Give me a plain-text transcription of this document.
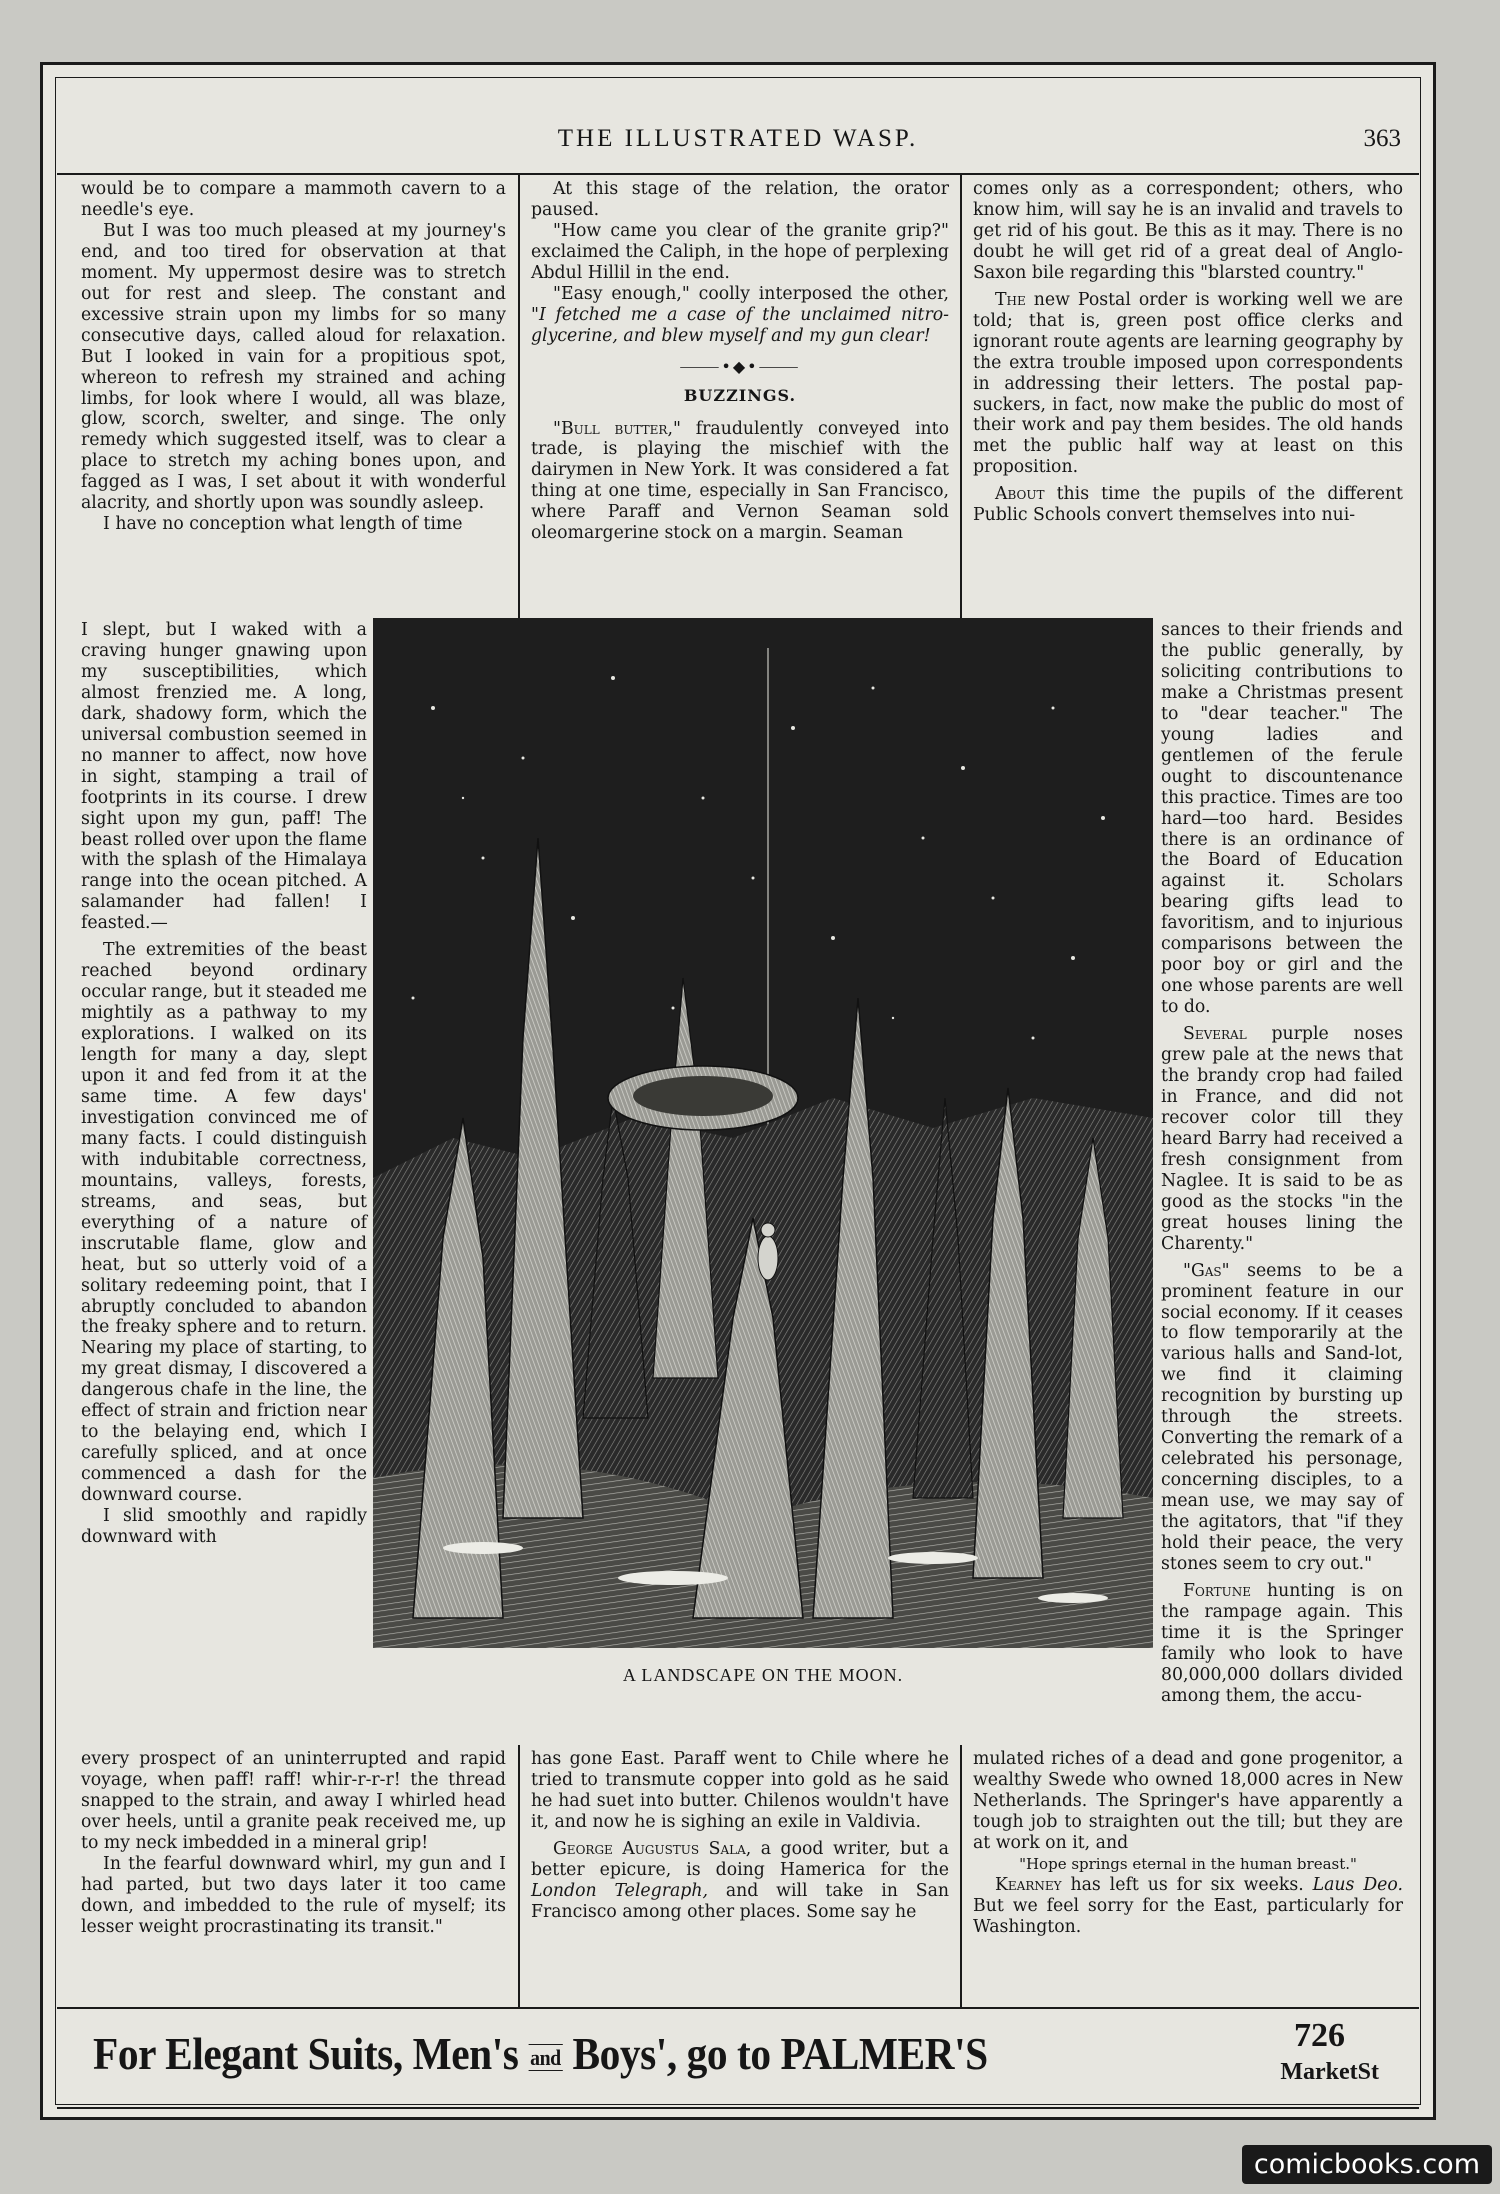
THE ILLUSTRATED WASP.	363

would be to compare a mammoth cavern to a needle's eye.

But I was too much pleased at my journey's end, and too tired for observation at that moment. My uppermost desire was to stretch out for rest and sleep. The constant and excessive strain upon my limbs for so many consecutive days, called aloud for relaxation. But I looked in vain for a propitious spot, whereon to refresh my strained and aching limbs, for look where I would, all was blaze, glow, scorch, swelter, and singe. The only remedy which suggested itself, was to clear a place to stretch my aching bones upon, and fagged as I was, I set about it with wonderful alacrity, and shortly upon was soundly asleep.

I have no conception what length of time

I slept, but I waked with a craving hunger gnawing upon my susceptibilities, which almost frenzied me. A long, dark, shadowy form, which the universal combustion seemed in no manner to affect, now hove in sight, stamping a trail of footprints in its course. I drew sight upon my gun, paff! The beast rolled over upon the flame with the splash of the Himalaya range into the ocean pitched. A salamander had fallen! I feasted.—

The extremities of the beast reached beyond ordinary occular range, but it steaded me mightily as a pathway to my explorations. I walked on its length for many a day, slept upon it and fed from it at the same time. A few days' investigation convinced me of many facts. I could distinguish with indubitable correctness, mountains, valleys, forests, streams, and seas, but everything of a nature of inscrutable flame, glow and heat, but so utterly void of a solitary redeeming point, that I abruptly concluded to abandon the freaky sphere and to return. Nearing my place of starting, to my great dismay, I discovered a dangerous chafe in the line, the effect of strain and friction near to the belaying end, which I carefully spliced, and at once commenced a dash for the downward course.

I slid smoothly and rapidly downward with

every prospect of an uninterrupted and rapid voyage, when paff! raff! whir-r-r-r! the thread snapped to the strain, and away I whirled head over heels, until a granite peak received me, up to my neck imbedded in a mineral grip!

In the fearful downward whirl, my gun and I had parted, but two days later it too came down, and imbedded to the rule of myself; its lesser weight procrastinating its transit."

At this stage of the relation, the orator paused.

"How came you clear of the granite grip?" exclaimed the Caliph, in the hope of perplexing Abdul Hillil in the end.

"Easy enough," coolly interposed the other, "I fetched me a case of the unclaimed nitro-glycerine, and blew myself and my gun clear!

⸻•◆•⸻
BUZZINGS.

"Bull butter," fraudulently conveyed into trade, is playing the mischief with the dairymen in New York. It was considered a fat thing at one time, especially in San Francisco, where Paraff and Vernon Seaman sold oleomargerine stock on a margin. Seaman

has gone East. Paraff went to Chile where he tried to transmute copper into gold as he said he had suet into butter. Chilenos wouldn't have it, and now he is sighing an exile in Valdivia.

George Augustus Sala, a good writer, but a better epicure, is doing Hamerica for the London Telegraph, and will take in San Francisco among other places. Some say he

comes only as a correspondent; others, who know him, will say he is an invalid and travels to get rid of his gout. Be this as it may. There is no doubt he will get rid of a great deal of Anglo-Saxon bile regarding this "blarsted country."

The new Postal order is working well we are told; that is, green post office clerks and ignorant route agents are learning geography by the extra trouble imposed upon correspondents in addressing their letters. The postal pap-suckers, in fact, now make the public do most of their work and pay them besides. The old hands met the public half way at least on this proposition.

About this time the pupils of the different Public Schools convert themselves into nui-

sances to their friends and the public generally, by soliciting contributions to make a Christmas present to "dear teacher." The young ladies and gentlemen of the ferule ought to discountenance this practice. Times are too hard—too hard. Besides there is an ordinance of the Board of Education against it. Scholars bearing gifts lead to favoritism, and to injurious comparisons between the poor boy or girl and the one whose parents are well to do.

Several purple noses grew pale at the news that the brandy crop had failed in France, and did not recover color till they heard Barry had received a fresh consignment from Naglee. It is said to be as good as the stocks "in the great houses lining the Charenty."

"Gas" seems to be a prominent feature in our social economy. If it ceases to flow temporarily at the various halls and Sand-lot, we find it claiming recognition by bursting up through the streets. Converting the remark of a celebrated his personage, concerning disciples, to a mean use, we may say of the agitators, that "if they hold their peace, the very stones seem to cry out."

Fortune hunting is on the rampage again. This time it is the Springer family who look to have 80,000,000 dollars divided among them, the accu-

mulated riches of a dead and gone progenitor, a wealthy Swede who owned 18,000 acres in New Netherlands. The Springer's have apparently a tough job to straighten out the till; but they are at work on it, and

"Hope springs eternal in the human breast."

Kearney has left us for six weeks. Laus Deo. But we feel sorry for the East, particularly for Washington.

A LANDSCAPE ON THE MOON.
For Elegant Suits, Men's and Boys', go to PALMER'S	726
MarketSt
comicbooks.com
